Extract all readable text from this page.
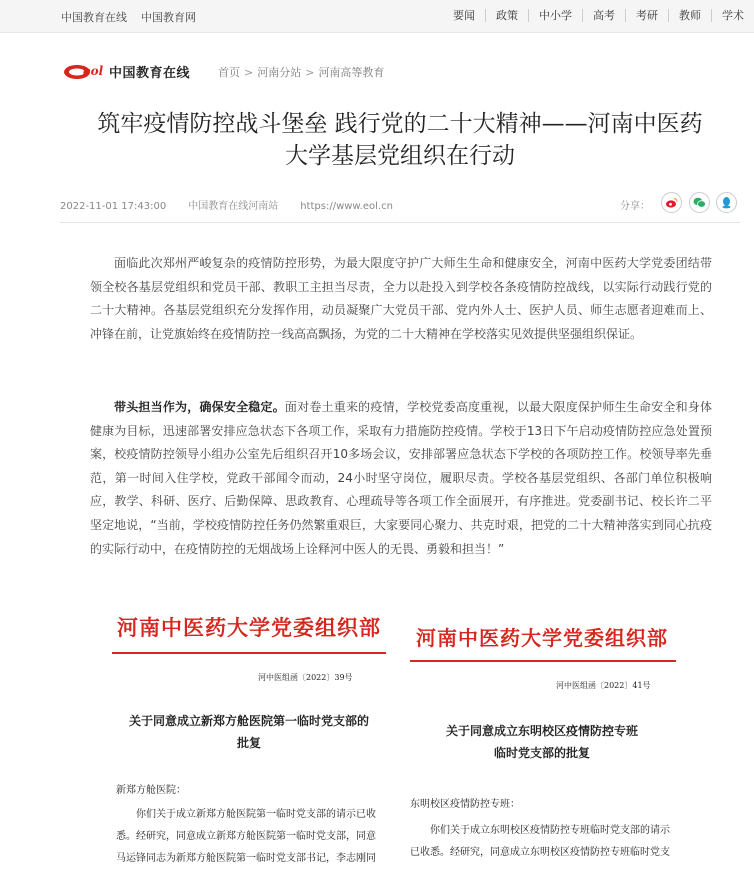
中国教育在线 中国教育网	要闻 政策 中小学 高考 考研 教师 学术
eol 中国教育在线	首页 > 河南分站 > 河南高等教育
筑牢疫情防控战斗堡垒 践行党的二十大精神——河南中医药
大学基层党组织在行动
2022-11-01 17:43:00 中国教育在线河南站 https://www.eol.cn	分享：

面临此次郑州严峻复杂的疫情防控形势，为最大限度守护广大师生生命和健康安全，河南中医药大学党委团结带领全校各基层党组织和党员干部、教职工主担当尽责，全力以赴投入到学校各条疫情防控战线，以实际行动践行党的二十大精神。各基层党组织充分发挥作用，动员凝聚广大党员干部、党内外人士、医护人员、师生志愿者迎难而上、冲锋在前，让党旗始终在疫情防控一线高高飘扬，为党的二十大精神在学校落实见效提供坚强组织保证。

带头担当作为，确保安全稳定。面对卷土重来的疫情，学校党委高度重视，以最大限度保护师生生命安全和身体健康为目标，迅速部署安排应急状态下各项工作，采取有力措施防控疫情。学校于13日下午启动疫情防控应急处置预案，校疫情防控领导小组办公室先后组织召开10多场会议，安排部署应急状态下学校的各项防控工作。校领导率先垂范，第一时间入住学校，党政干部闻令而动，24小时坚守岗位，履职尽责。学校各基层党组织、各部门单位积极响应，教学、科研、医疗、后勤保障、思政教育、心理疏导等各项工作全面展开，有序推进。党委副书记、校长许二平坚定地说，“当前，学校疫情防控任务仍然繁重艰巨，大家要同心聚力、共克时艰，把党的二十大精神落实到同心抗疫的实际行动中，在疫情防控的无烟战场上诠释河中医人的无畏、勇毅和担当！”

河南中医药大学党委组织部
河中医组函〔2022〕39号
关于同意成立新郑方舱医院第一临时党支部的
批复
新郑方舱医院：
你们关于成立新郑方舱医院第一临时党支部的请示已收
悉。经研究，同意成立新郑方舱医院第一临时党支部，同意
马运锋同志为新郑方舱医院第一临时党支部书记，李志刚同
河南中医药大学党委组织部
河中医组函〔2022〕41号
关于同意成立东明校区疫情防控专班
临时党支部的批复
东明校区疫情防控专班：
你们关于成立东明校区疫情防控专班临时党支部的请示
已收悉。经研究，同意成立东明校区疫情防控专班临时党支
